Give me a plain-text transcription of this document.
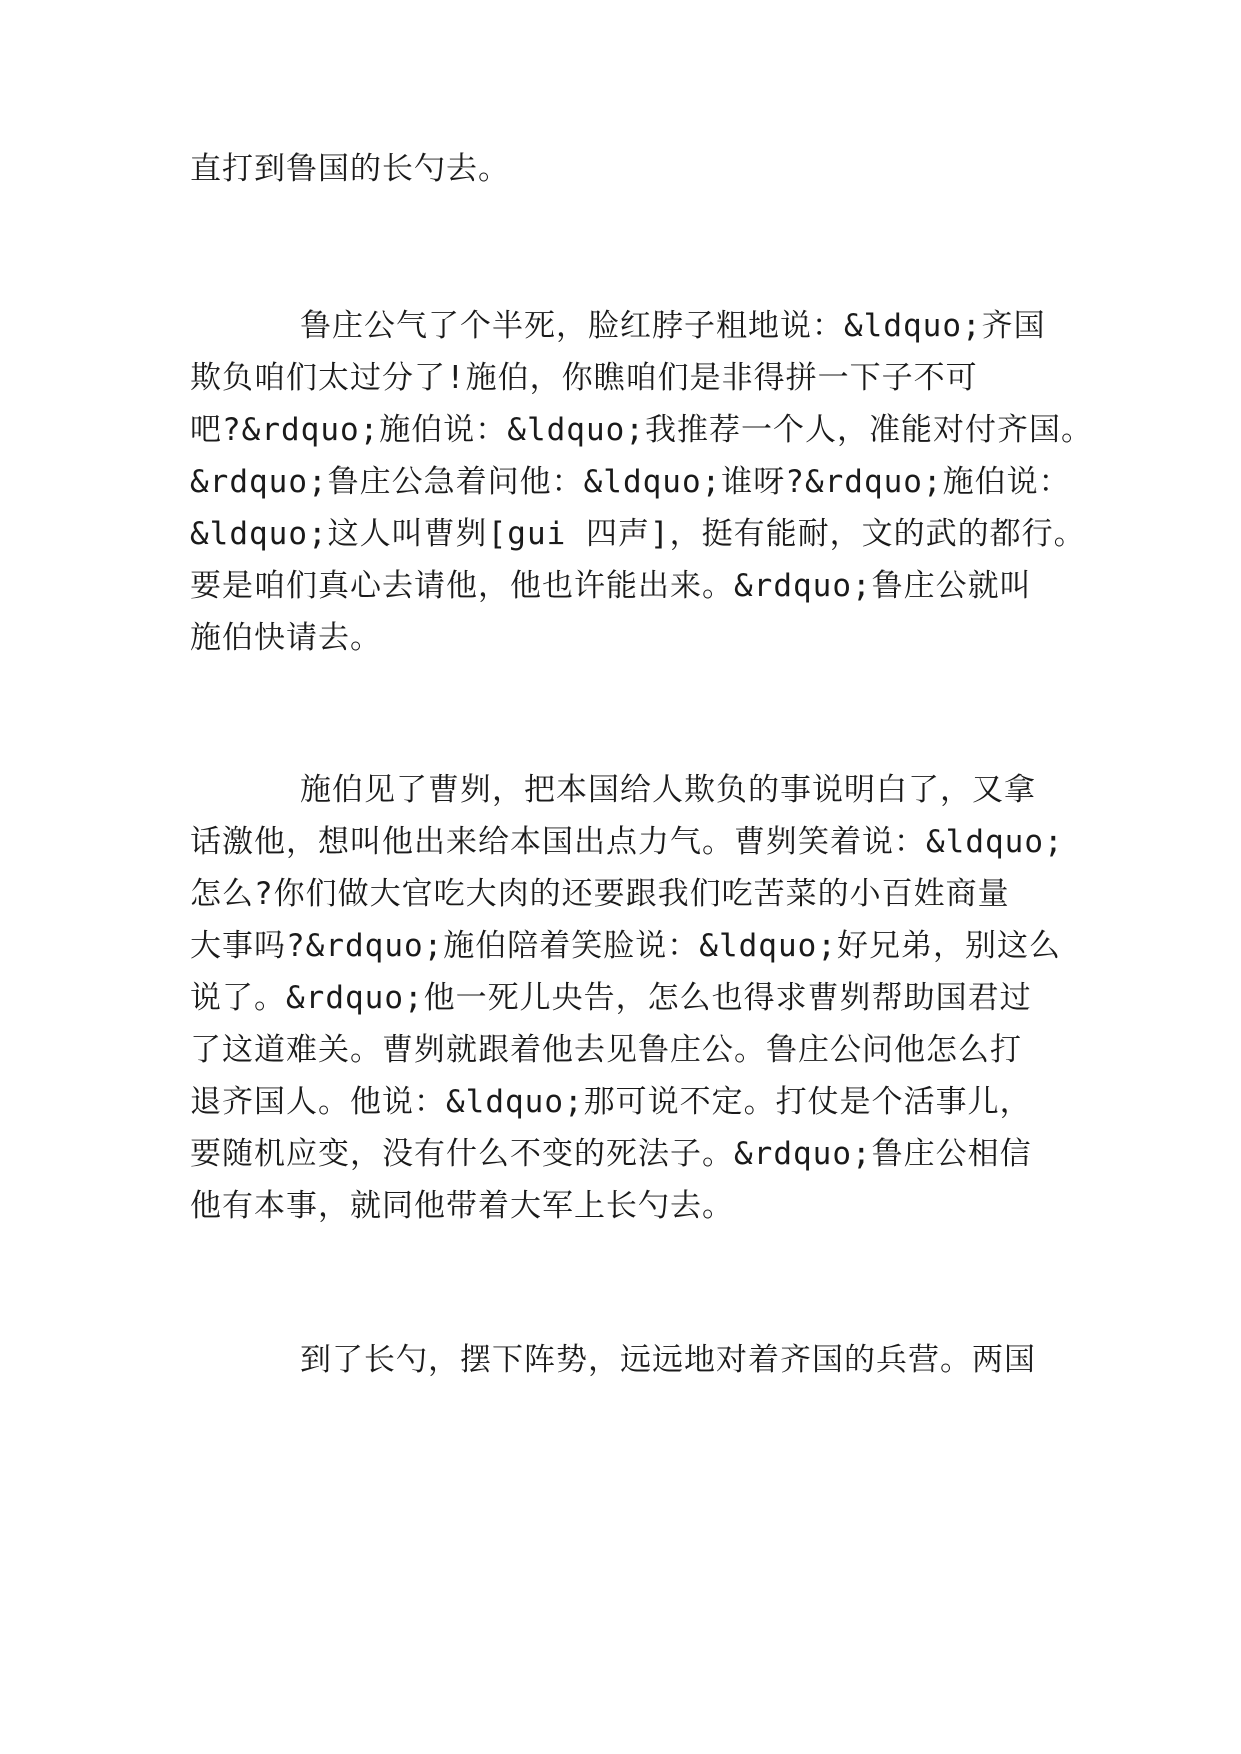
直打到鲁国的长勺去。
鲁庄公气了个半死，脸红脖子粗地说：&ldquo;齐国
欺负咱们太过分了!施伯，你瞧咱们是非得拼一下子不可
吧?&rdquo;施伯说：&ldquo;我推荐一个人，准能对付齐国。
&rdquo;鲁庄公急着问他：&ldquo;谁呀?&rdquo;施伯说：
&ldquo;这人叫曹刿[gui 四声]，挺有能耐，文的武的都行。
要是咱们真心去请他，他也许能出来。&rdquo;鲁庄公就叫
施伯快请去。
施伯见了曹刿，把本国给人欺负的事说明白了，又拿
话激他，想叫他出来给本国出点力气。曹刿笑着说：&ldquo;
怎么?你们做大官吃大肉的还要跟我们吃苦菜的小百姓商量
大事吗?&rdquo;施伯陪着笑脸说：&ldquo;好兄弟，别这么
说了。&rdquo;他一死儿央告，怎么也得求曹刿帮助国君过
了这道难关。曹刿就跟着他去见鲁庄公。鲁庄公问他怎么打
退齐国人。他说：&ldquo;那可说不定。打仗是个活事儿，
要随机应变，没有什么不变的死法子。&rdquo;鲁庄公相信
他有本事，就同他带着大军上长勺去。
到了长勺，摆下阵势，远远地对着齐国的兵营。两国
